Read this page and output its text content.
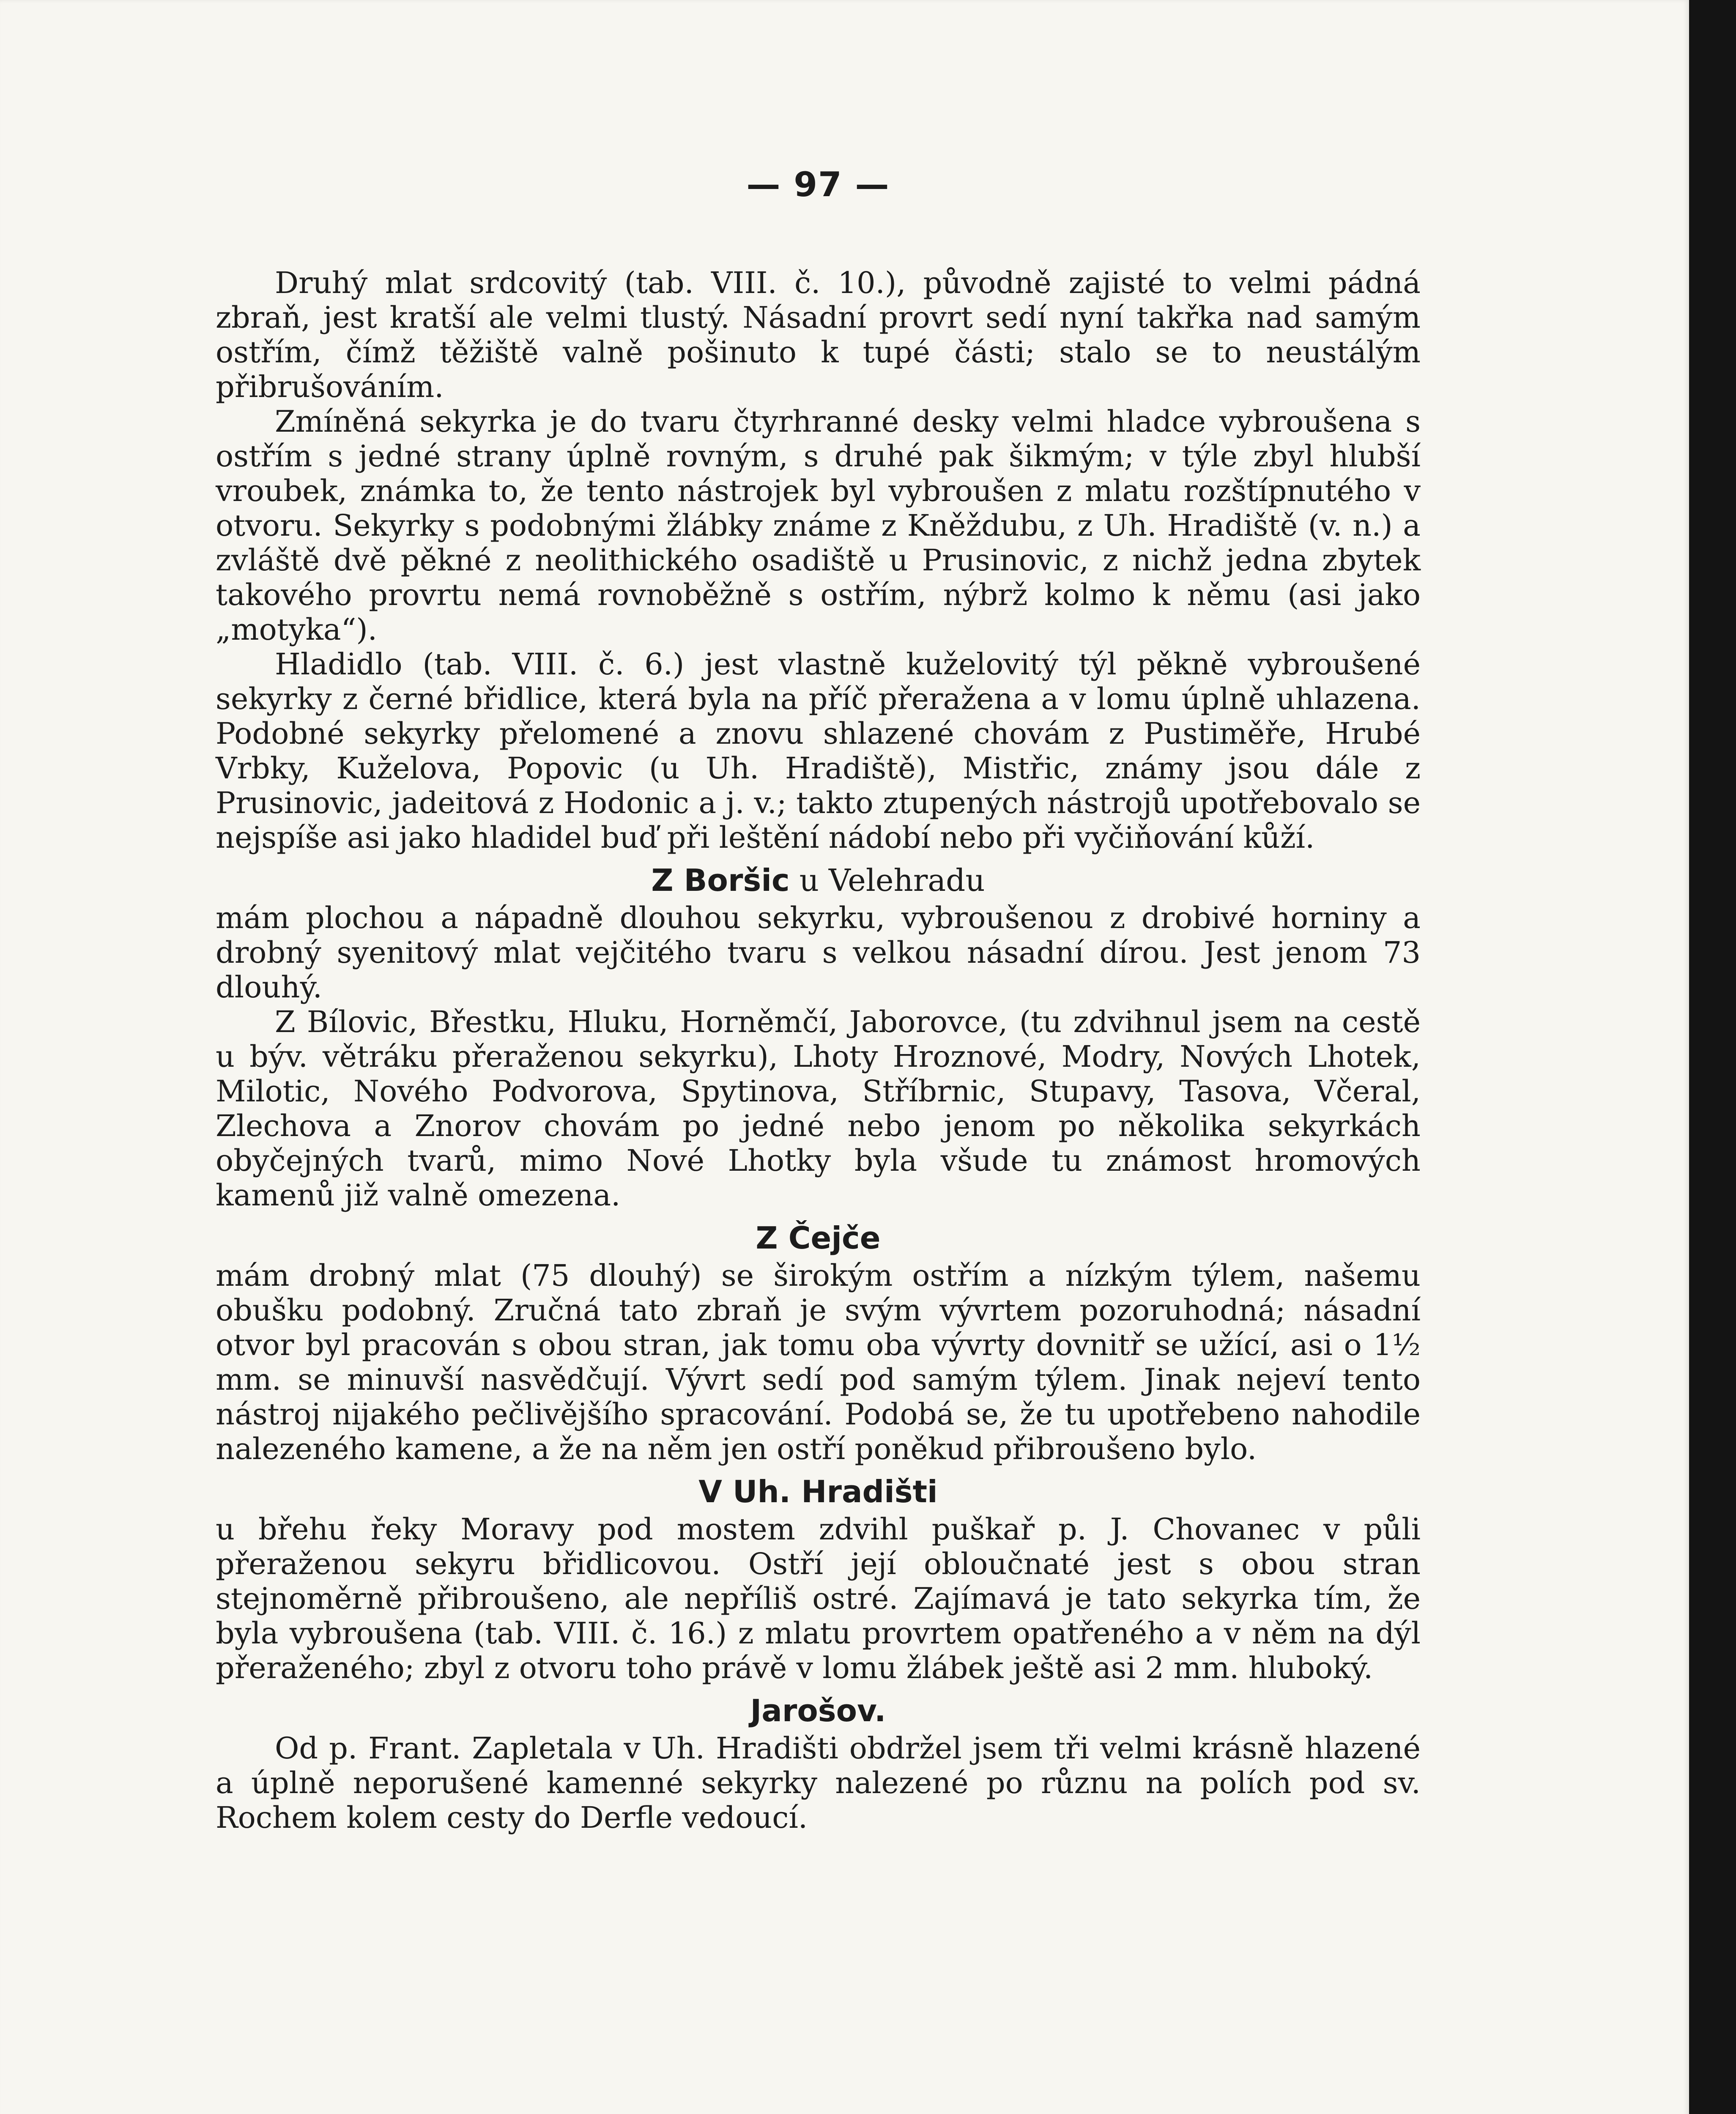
— 97 —

Druhý mlat srdcovitý (tab. VIII. č. 10.), původně zajisté to velmi pádná zbraň, jest kratší ale velmi tlustý. Násadní provrt sedí nyní takřka nad samým ostřím, čímž těžiště valně pošinuto k tupé části; stalo se to neustálým přibrušováním.

Zmíněná sekyrka je do tvaru čtyrhranné desky velmi hladce vybroušena s ostřím s jedné strany úplně rovným, s druhé pak šikmým; v týle zbyl hlubší vroubek, známka to, že tento nástrojek byl vybroušen z mlatu rozštípnutého v otvoru. Sekyrky s podobnými žlábky známe z Kněždubu, z Uh. Hradiště (v. n.) a zvláště dvě pěkné z neolithického osadiště u Prusinovic, z nichž jedna zbytek takového provrtu nemá rovnoběžně s ostřím, nýbrž kolmo k němu (asi jako „motyka“).

Hladidlo (tab. VIII. č. 6.) jest vlastně kuželovitý týl pěkně vybroušené sekyrky z černé břidlice, která byla na příč přeražena a v lomu úplně uhlazena. Podobné sekyrky přelomené a znovu shlazené chovám z Pustiměře, Hrubé Vrbky, Kuželova, Popovic (u Uh. Hradiště), Mistřic, známy jsou dále z Prusinovic, jadeitová z Hodonic a j. v.; takto ztupených nástrojů upotřebovalo se nejspíše asi jako hladidel buď při leštění nádobí nebo při vyčiňování kůží.

Z Boršic u Velehradu

mám plochou a nápadně dlouhou sekyrku, vybroušenou z drobivé horniny a drobný syenitový mlat vejčitého tvaru s velkou násadní dírou. Jest jenom 73 dlouhý.

Z Bílovic, Břestku, Hluku, Horněmčí, Jaborovce, (tu zdvihnul jsem na cestě u býv. větráku přeraženou sekyrku), Lhoty Hroznové, Modry, Nových Lhotek, Milotic, Nového Podvorova, Spytinova, Stříbrnic, Stupavy, Tasova, Včeral, Zlechova a Znorov chovám po jedné nebo jenom po několika sekyrkách obyčejných tvarů, mimo Nové Lhotky byla všude tu známost hromových kamenů již valně omezena.

Z Čejče

mám drobný mlat (75 dlouhý) se širokým ostřím a nízkým týlem, našemu obušku podobný. Zručná tato zbraň je svým vývrtem pozoruhodná; násadní otvor byl pracován s obou stran, jak tomu oba vývrty dovnitř se užící, asi o 1½ mm. se minuvší nasvědčují. Vývrt sedí pod samým týlem. Jinak nejeví tento nástroj nijakého pečlivějšího spracování. Podobá se, že tu upotřebeno nahodile nalezeného kamene, a že na něm jen ostří poněkud přibroušeno bylo.

V Uh. Hradišti

u břehu řeky Moravy pod mostem zdvihl puškař p. J. Chovanec v půli přeraženou sekyru břidlicovou. Ostří její obloučnaté jest s obou stran stejnoměrně přibroušeno, ale nepříliš ostré. Zajímavá je tato sekyrka tím, že byla vybroušena (tab. VIII. č. 16.) z mlatu provrtem opatřeného a v něm na dýl přeraženého; zbyl z otvoru toho právě v lomu žlábek ještě asi 2 mm. hluboký.

Jarošov.

Od p. Frant. Zapletala v Uh. Hradišti obdržel jsem tři velmi krásně hlazené a úplně neporušené kamenné sekyrky nalezené po různu na polích pod sv. Rochem kolem cesty do Derfle vedoucí.
